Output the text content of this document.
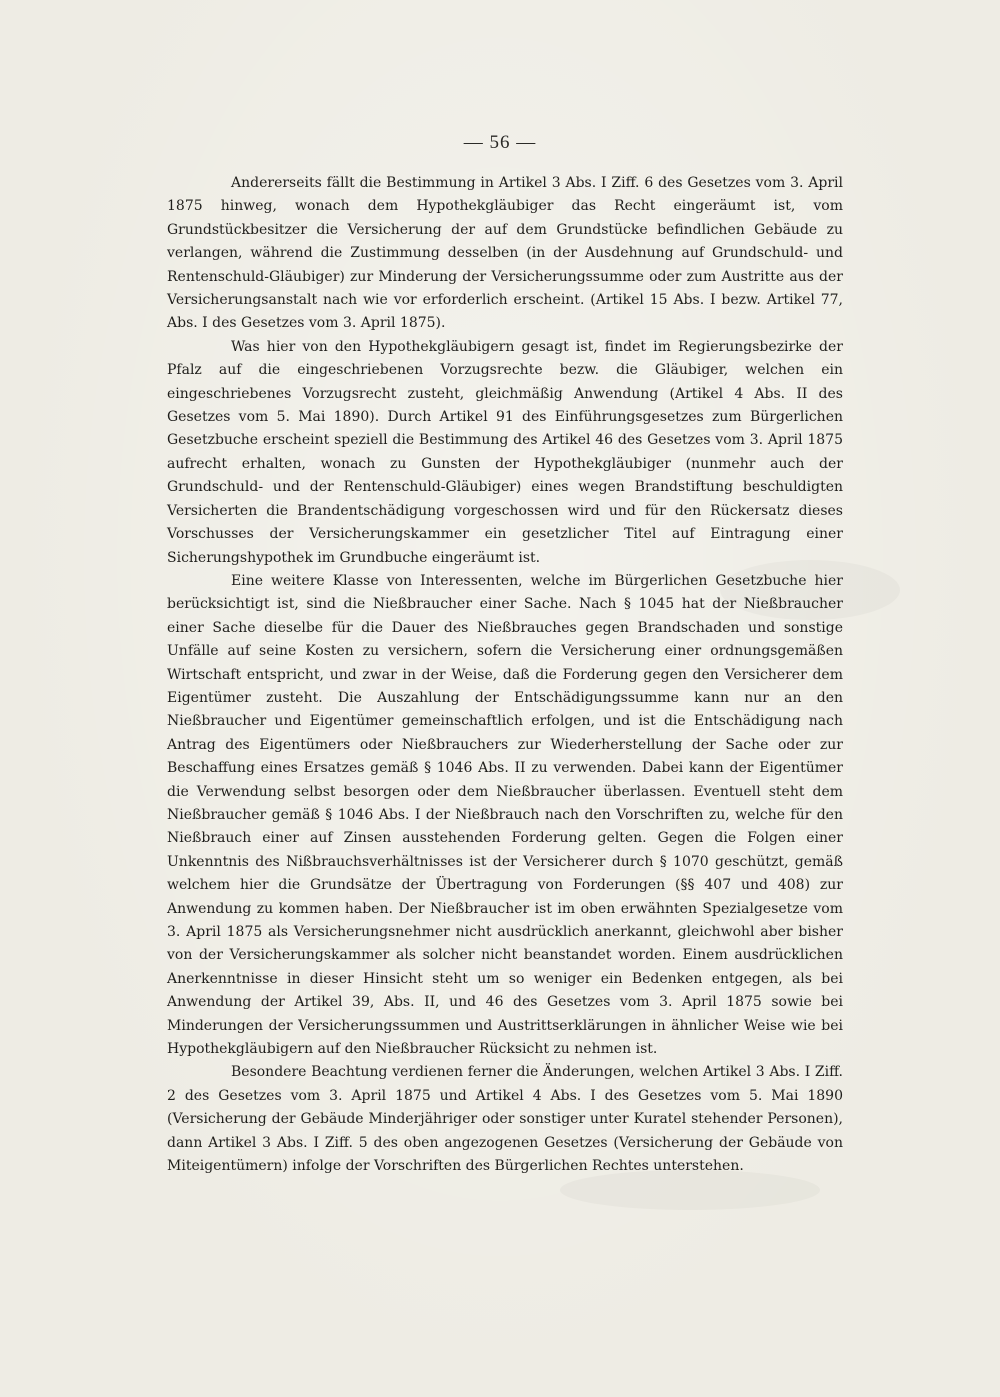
— 56 —

Andererseits fällt die Bestimmung in Artikel 3 Abs. I Ziff. 6 des Gesetzes vom 3. April 1875 hinweg, wonach dem Hypothekgläubiger das Recht eingeräumt ist, vom Grundstückbesitzer die Versicherung der auf dem Grundstücke befindlichen Gebäude zu verlangen, während die Zustimmung desselben (in der Ausdehnung auf Grundschuld- und Rentenschuld-Gläubiger) zur Minderung der Versicherungssumme oder zum Austritte aus der Versicherungsanstalt nach wie vor erforderlich erscheint. (Artikel 15 Abs. I bezw. Artikel 77, Abs. I des Gesetzes vom 3. April 1875).

Was hier von den Hypothekgläubigern gesagt ist, findet im Regierungsbezirke der Pfalz auf die eingeschriebenen Vorzugsrechte bezw. die Gläubiger, welchen ein eingeschriebenes Vorzugsrecht zusteht, gleichmäßig Anwendung (Artikel 4 Abs. II des Gesetzes vom 5. Mai 1890). Durch Artikel 91 des Einführungsgesetzes zum Bürgerlichen Gesetzbuche erscheint speziell die Bestimmung des Artikel 46 des Gesetzes vom 3. April 1875 aufrecht erhalten, wonach zu Gunsten der Hypothekgläubiger (nunmehr auch der Grundschuld- und der Rentenschuld-Gläubiger) eines wegen Brandstiftung beschuldigten Versicherten die Brandentschädigung vorgeschossen wird und für den Rückersatz dieses Vorschusses der Versicherungskammer ein gesetzlicher Titel auf Eintragung einer Sicherungshypothek im Grundbuche eingeräumt ist.

Eine weitere Klasse von Interessenten, welche im Bürgerlichen Gesetzbuche hier berücksichtigt ist, sind die Nießbraucher einer Sache. Nach § 1045 hat der Nießbraucher einer Sache dieselbe für die Dauer des Nießbrauches gegen Brandschaden und sonstige Unfälle auf seine Kosten zu versichern, sofern die Versicherung einer ordnungsgemäßen Wirtschaft entspricht, und zwar in der Weise, daß die Forderung gegen den Versicherer dem Eigentümer zusteht. Die Auszahlung der Entschädigungssumme kann nur an den Nießbraucher und Eigentümer gemeinschaftlich erfolgen, und ist die Entschädigung nach Antrag des Eigentümers oder Nießbrauchers zur Wiederherstellung der Sache oder zur Beschaffung eines Ersatzes gemäß § 1046 Abs. II zu verwenden. Dabei kann der Eigentümer die Verwendung selbst besorgen oder dem Nießbraucher überlassen. Eventuell steht dem Nießbraucher gemäß § 1046 Abs. I der Nießbrauch nach den Vorschriften zu, welche für den Nießbrauch einer auf Zinsen ausstehenden Forderung gelten. Gegen die Folgen einer Unkenntnis des Nißbrauchsverhältnisses ist der Versicherer durch § 1070 geschützt, gemäß welchem hier die Grundsätze der Übertragung von Forderungen (§§ 407 und 408) zur Anwendung zu kommen haben. Der Nießbraucher ist im oben erwähnten Spezialgesetze vom 3. April 1875 als Versicherungsnehmer nicht ausdrücklich anerkannt, gleichwohl aber bisher von der Versicherungskammer als solcher nicht beanstandet worden. Einem ausdrücklichen Anerkenntnisse in dieser Hinsicht steht um so weniger ein Bedenken entgegen, als bei Anwendung der Artikel 39, Abs. II, und 46 des Gesetzes vom 3. April 1875 sowie bei Minderungen der Versicherungssummen und Austrittserklärungen in ähnlicher Weise wie bei Hypothekgläubigern auf den Nießbraucher Rücksicht zu nehmen ist.

Besondere Beachtung verdienen ferner die Änderungen, welchen Artikel 3 Abs. I Ziff. 2 des Gesetzes vom 3. April 1875 und Artikel 4 Abs. I des Gesetzes vom 5. Mai 1890 (Versicherung der Gebäude Minderjähriger oder sonstiger unter Kuratel stehender Personen), dann Artikel 3 Abs. I Ziff. 5 des oben angezogenen Gesetzes (Versicherung der Gebäude von Miteigentümern) infolge der Vorschriften des Bürgerlichen Rechtes unterstehen.
